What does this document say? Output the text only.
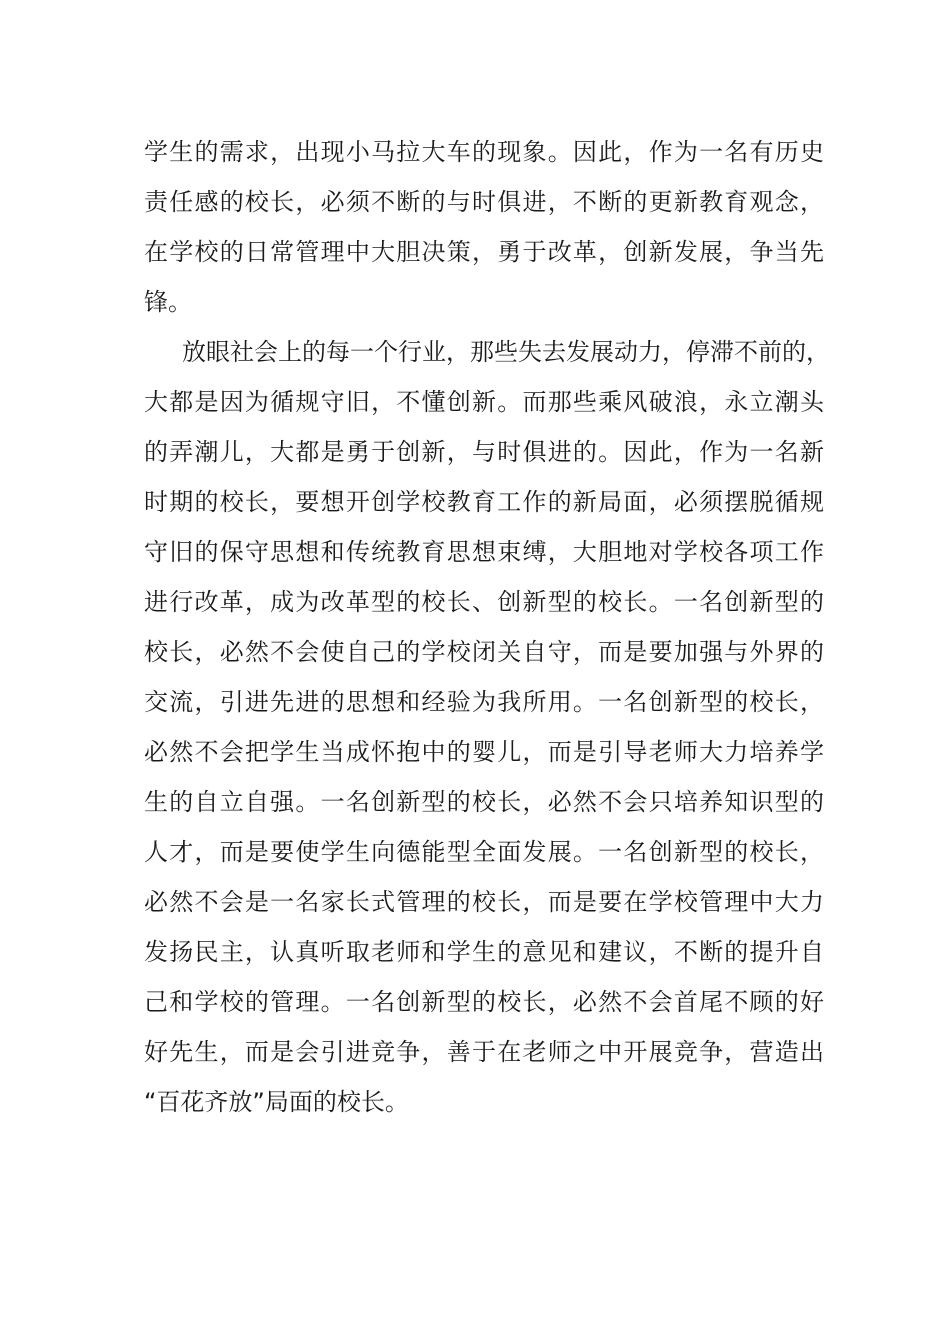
学生的需求，出现小马拉大车的现象。因此，作为一名有历史
责任感的校长，必须不断的与时俱进，不断的更新教育观念，
在学校的日常管理中大胆决策，勇于改革，创新发展，争当先
锋。
放眼社会上的每一个行业，那些失去发展动力，停滞不前的，
大都是因为循规守旧，不懂创新。而那些乘风破浪，永立潮头
的弄潮儿，大都是勇于创新，与时俱进的。因此，作为一名新
时期的校长，要想开创学校教育工作的新局面，必须摆脱循规
守旧的保守思想和传统教育思想束缚，大胆地对学校各项工作
进行改革，成为改革型的校长、创新型的校长。一名创新型的
校长，必然不会使自己的学校闭关自守，而是要加强与外界的
交流，引进先进的思想和经验为我所用。一名创新型的校长，
必然不会把学生当成怀抱中的婴儿，而是引导老师大力培养学
生的自立自强。一名创新型的校长，必然不会只培养知识型的
人才，而是要使学生向德能型全面发展。一名创新型的校长，
必然不会是一名家长式管理的校长，而是要在学校管理中大力
发扬民主，认真听取老师和学生的意见和建议，不断的提升自
己和学校的管理。一名创新型的校长，必然不会首尾不顾的好
好先生，而是会引进竞争，善于在老师之中开展竞争，营造出
“百花齐放”局面的校长。
